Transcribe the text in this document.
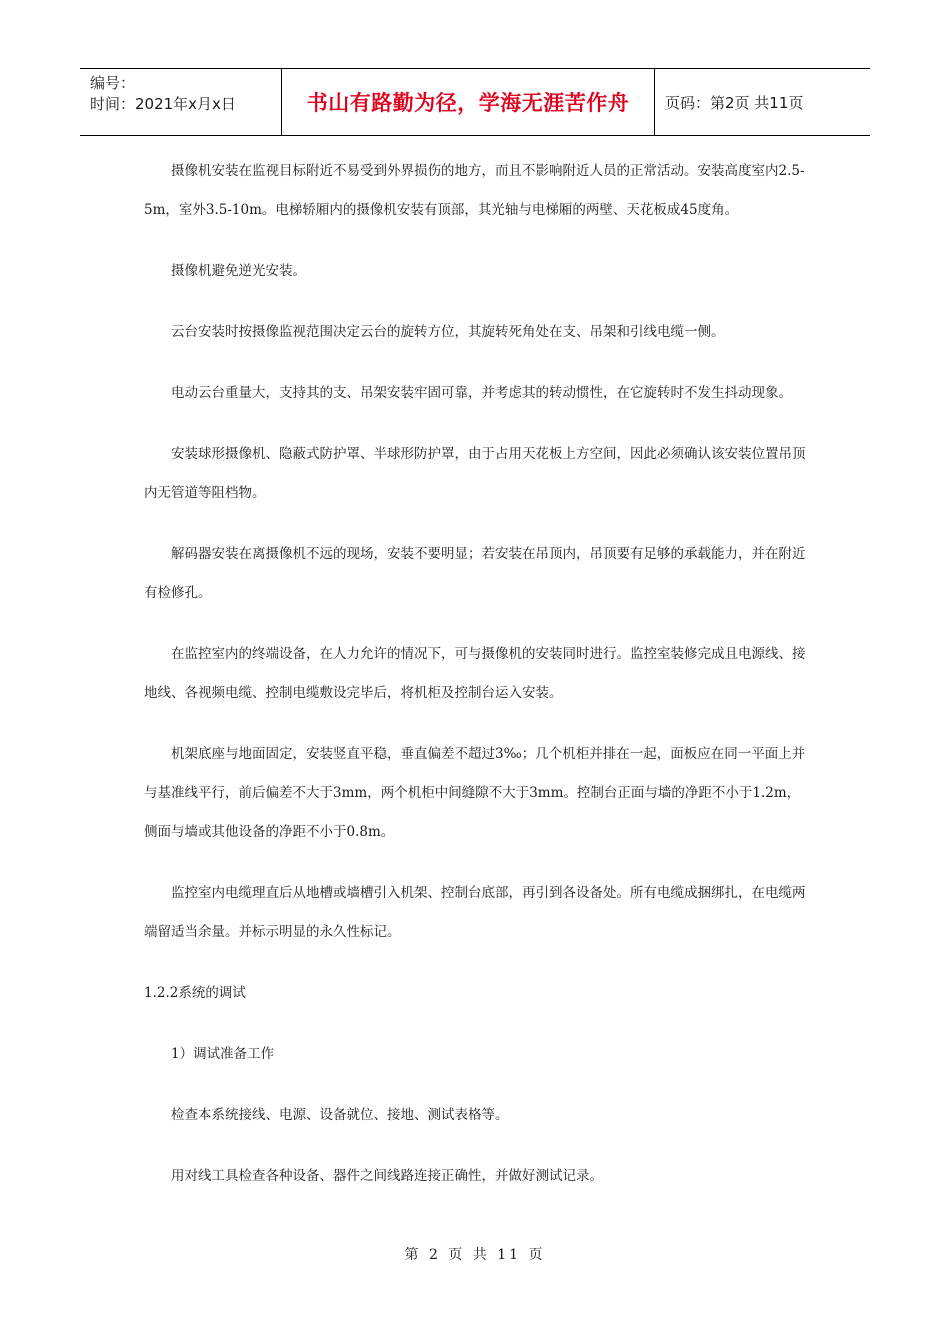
编号：
时间：2021年x月x日	书山有路勤为径，学海无涯苦作舟 页码：第2页 共11页

摄像机安装在监视目标附近不易受到外界损伤的地方，而且不影响附近人员的正常活动。安装高度室内2.5-5m，室外3.5-10m。电梯轿厢内的摄像机安装有顶部，其光轴与电梯厢的两壁、天花板成45度角。

摄像机避免逆光安装。

云台安装时按摄像监视范围决定云台的旋转方位，其旋转死角处在支、吊架和引线电缆一侧。

电动云台重量大，支持其的支、吊架安装牢固可靠，并考虑其的转动惯性，在它旋转时不发生抖动现象。

安装球形摄像机、隐蔽式防护罩、半球形防护罩，由于占用天花板上方空间，因此必须确认该安装位置吊顶内无管道等阻档物。

解码器安装在离摄像机不远的现场，安装不要明显；若安装在吊顶内，吊顶要有足够的承载能力，并在附近有检修孔。

在监控室内的终端设备，在人力允许的情况下，可与摄像机的安装同时进行。监控室装修完成且电源线、接地线、各视频电缆、控制电缆敷设完毕后，将机柜及控制台运入安装。

机架底座与地面固定，安装竖直平稳，垂直偏差不超过3‰；几个机柜并排在一起，面板应在同一平面上并与基准线平行，前后偏差不大于3mm，两个机柜中间缝隙不大于3mm。控制台正面与墙的净距不小于1.2m，侧面与墙或其他设备的净距不小于0.8m。

监控室内电缆理直后从地槽或墙槽引入机架、控制台底部，再引到各设备处。所有电缆成捆绑扎，在电缆两端留适当余量。并标示明显的永久性标记。

1.2.2系统的调试

1）调试准备工作

检查本系统接线、电源、设备就位、接地、测试表格等。

用对线工具检查各种设备、器件之间线路连接正确性，并做好测试记录。

第 2 页 共 11 页
